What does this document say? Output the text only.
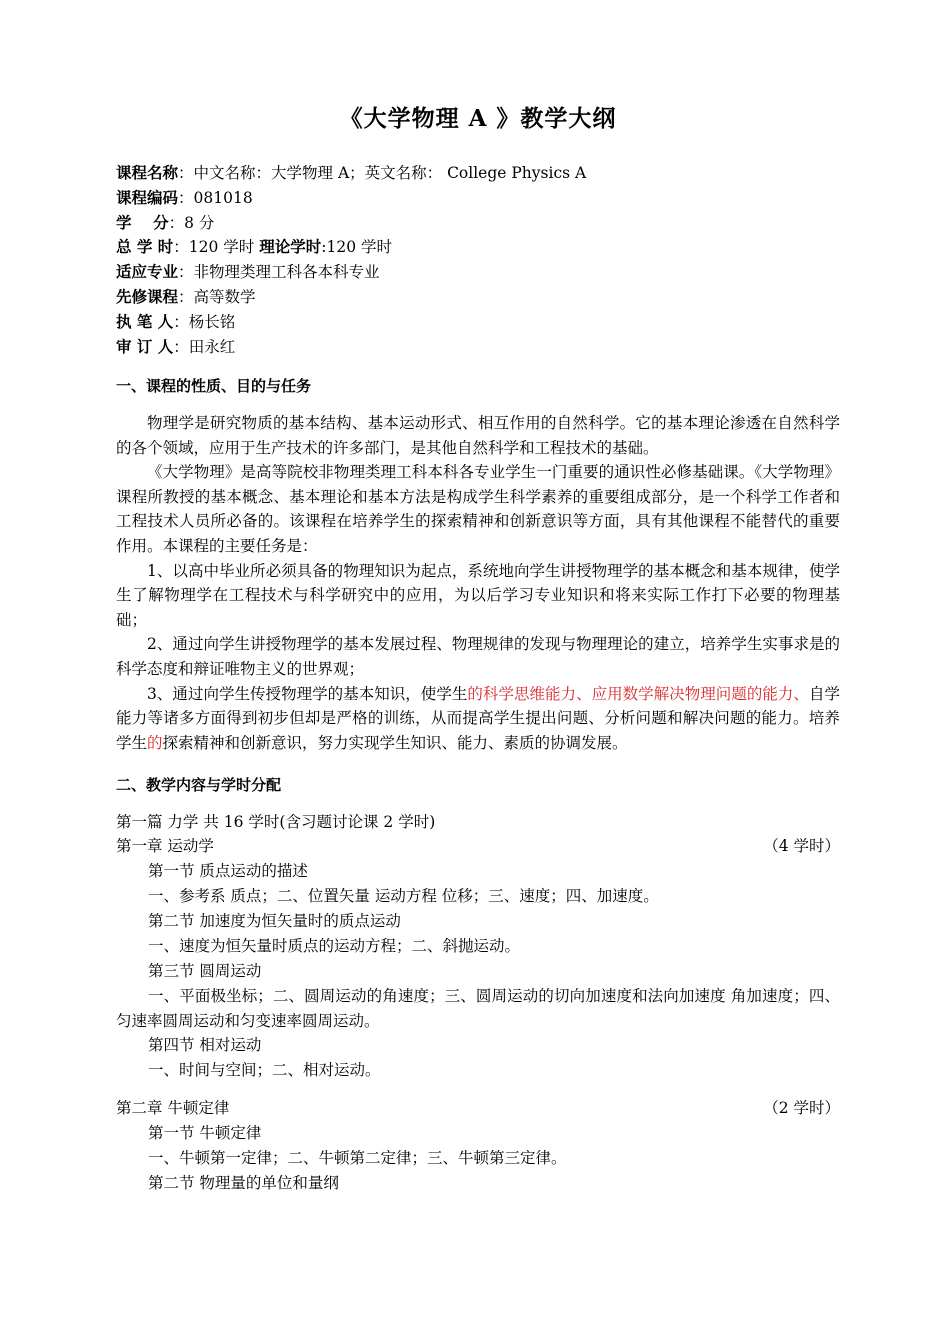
《大学物理 A 》教学大纲
课程名称：中文名称：大学物理 A；英文名称： College Physics A
课程编码：081018
学    分：8 分
总 学 时：120 学时 理论学时:120 学时
适应专业：非物理类理工科各本科专业
先修课程：高等数学
执 笔 人：杨长铭
审 订 人：田永红
一、课程的性质、目的与任务

物理学是研究物质的基本结构、基本运动形式、相互作用的自然科学。它的基本理论渗透在自然科学的各个领域，应用于生产技术的许多部门，是其他自然科学和工程技术的基础。

《大学物理》是高等院校非物理类理工科本科各专业学生一门重要的通识性必修基础课。《大学物理》课程所教授的基本概念、基本理论和基本方法是构成学生科学素养的重要组成部分，是一个科学工作者和工程技术人员所必备的。该课程在培养学生的探索精神和创新意识等方面，具有其他课程不能替代的重要作用。本课程的主要任务是：

1、以高中毕业所必须具备的物理知识为起点，系统地向学生讲授物理学的基本概念和基本规律，使学生了解物理学在工程技术与科学研究中的应用，为以后学习专业知识和将来实际工作打下必要的物理基础；

2、通过向学生讲授物理学的基本发展过程、物理规律的发现与物理理论的建立，培养学生实事求是的科学态度和辩证唯物主义的世界观；

3、通过向学生传授物理学的基本知识，使学生的科学思维能力、应用数学解决物理问题的能力、自学能力等诸多方面得到初步但却是严格的训练，从而提高学生提出问题、分析问题和解决问题的能力。培养学生的探索精神和创新意识，努力实现学生知识、能力、素质的协调发展。

二、教学内容与学时分配
第一篇 力学 共 16 学时(含习题讨论课 2 学时)
第一章 运动学	（4 学时）
第一节 质点运动的描述
一、参考系 质点；二、位置矢量 运动方程 位移；三、速度；四、加速度。
第二节 加速度为恒矢量时的质点运动
一、速度为恒矢量时质点的运动方程；二、斜抛运动。
第三节 圆周运动
一、平面极坐标；二、圆周运动的角速度；三、圆周运动的切向加速度和法向加速度 角加速度；四、匀速率圆周运动和匀变速率圆周运动。
第四节 相对运动
一、时间与空间；二、相对运动。
第二章 牛顿定律	（2 学时）
第一节 牛顿定律
一、牛顿第一定律；二、牛顿第二定律；三、牛顿第三定律。
第二节 物理量的单位和量纲
